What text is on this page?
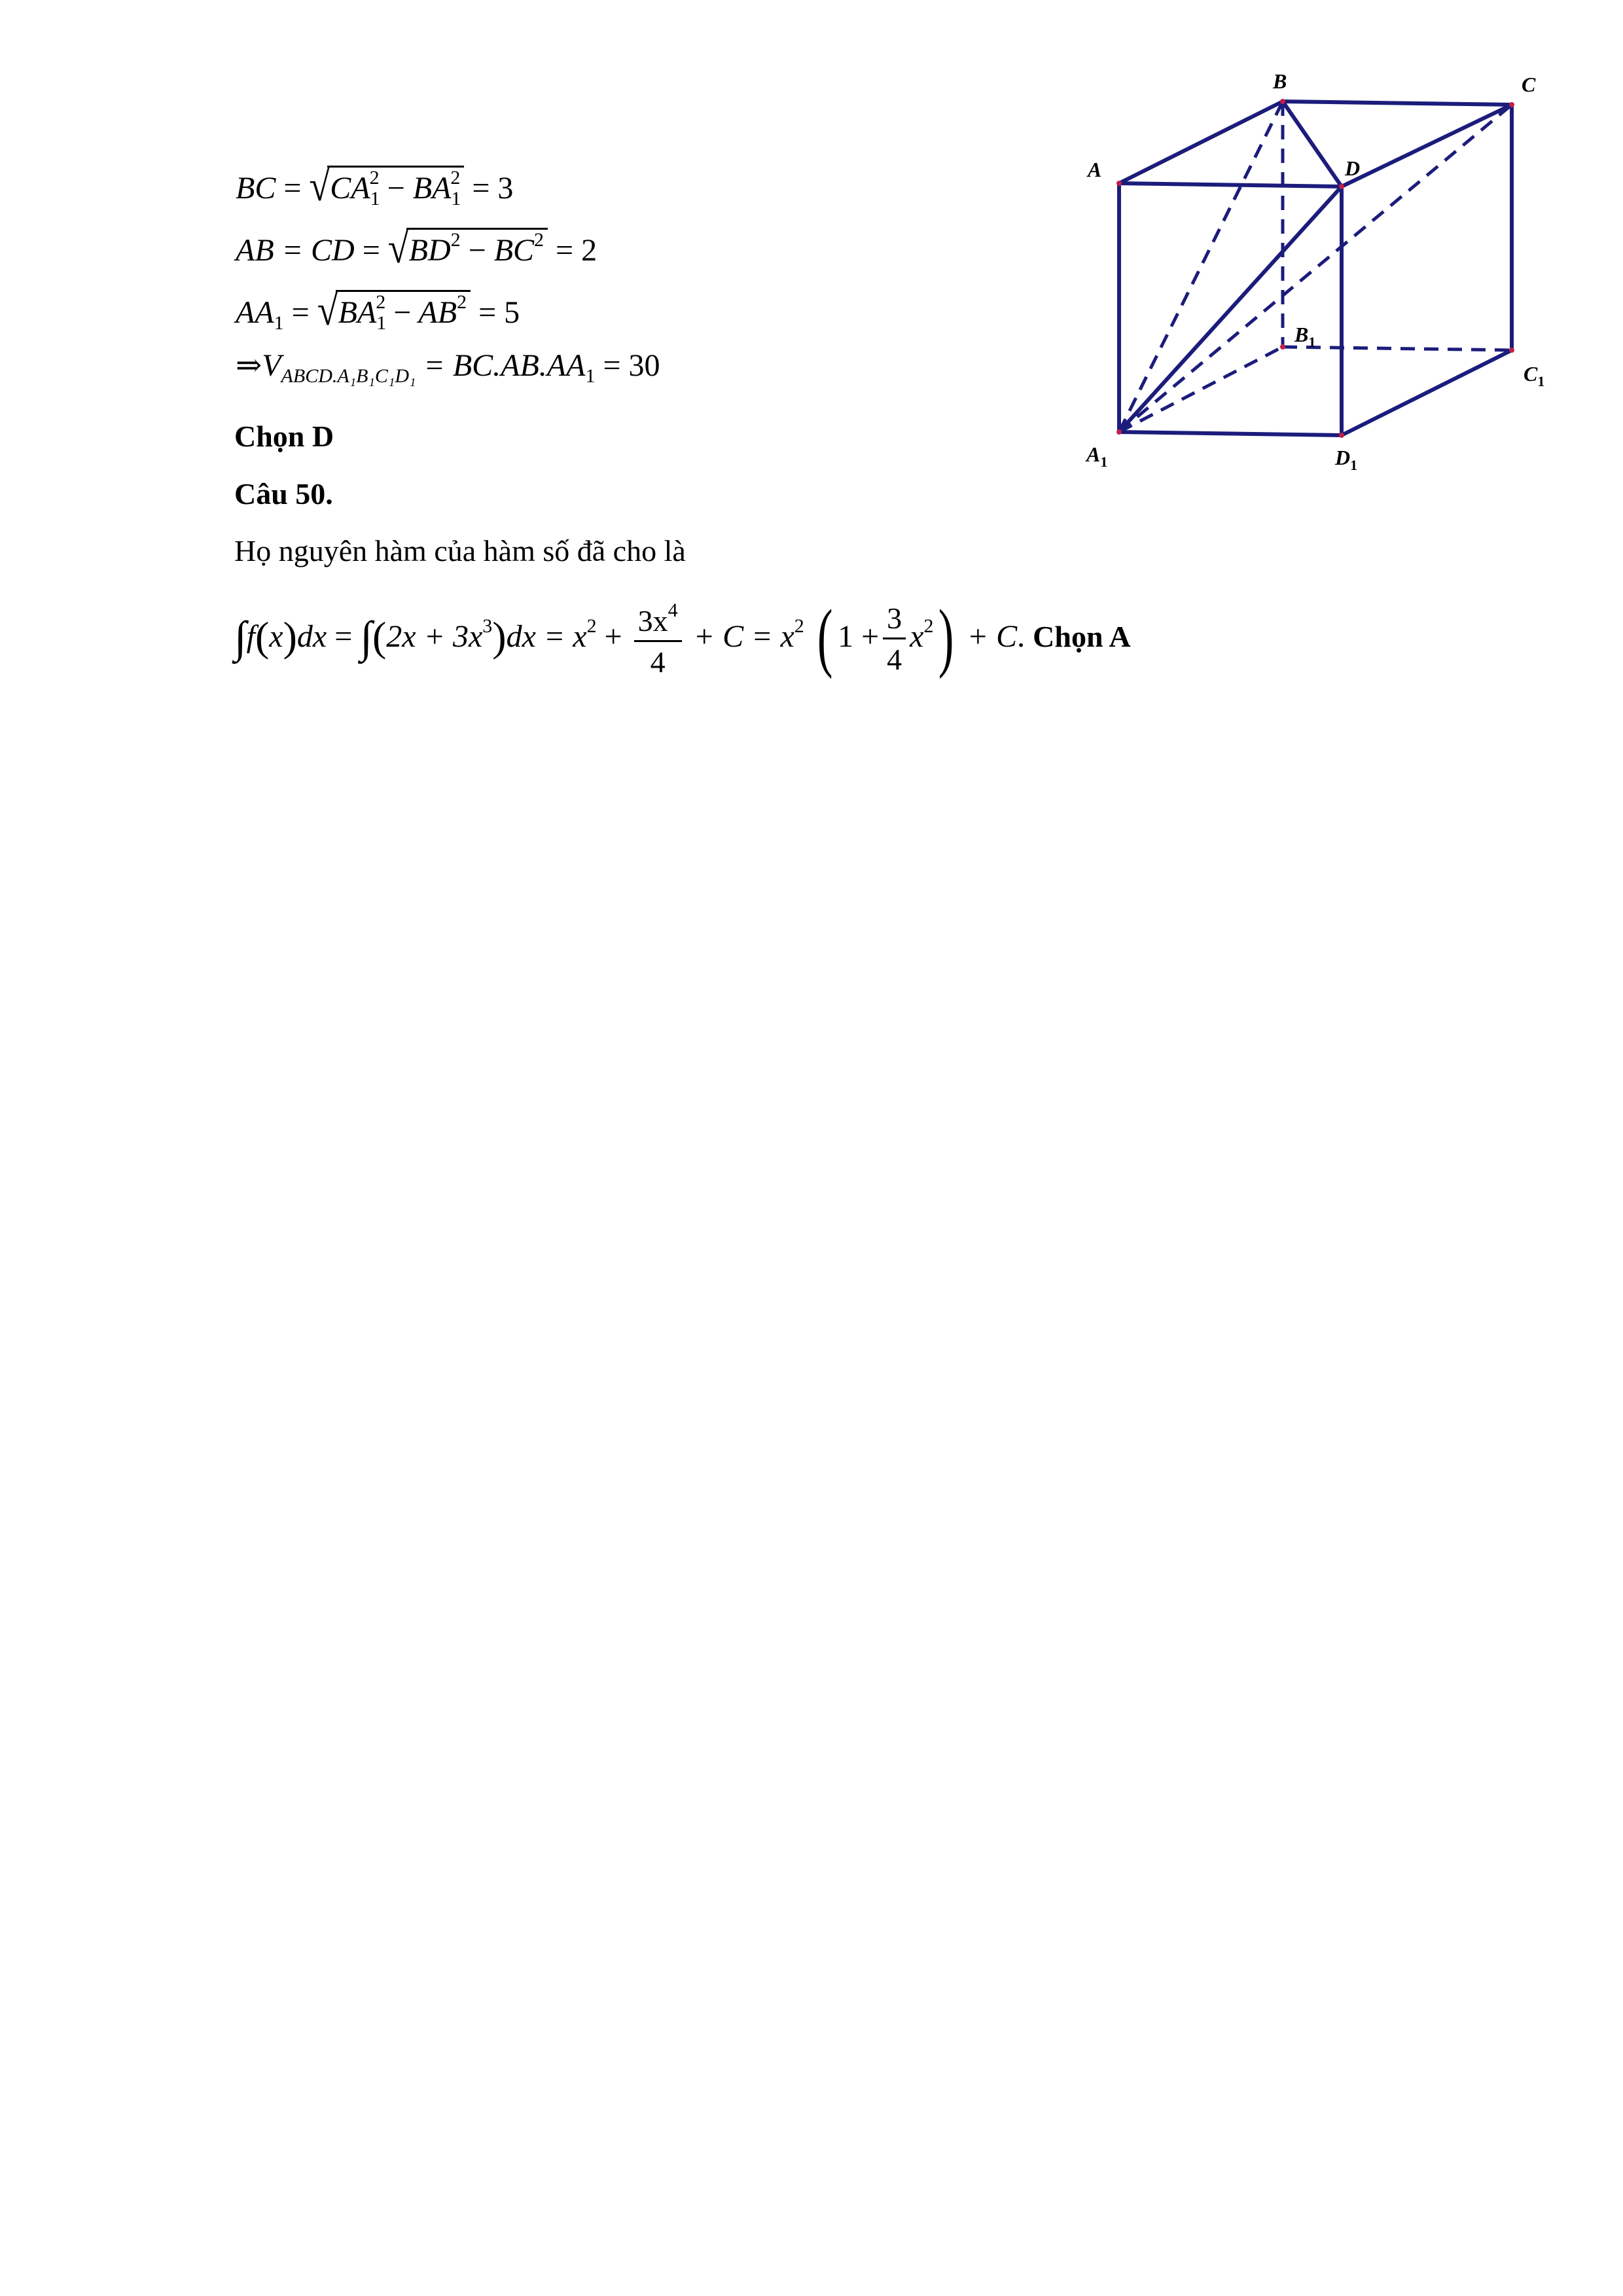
BC = $√CA_1^2 - BA_1^2 = 3$
AB = CD = $√BD^2 - BC^2 = 2$
$AA_1 = √BA_1^2 - AB^2 = 5$
$\Rightarrow V_{ABCD.A_1B_1C_1D_1} = BC.AB.AA_1 = 30$
Chọn D
Câu 50.
Họ nguyên hàm của hàm số đã cho là
$\int f(x)dx = \int(2x + 3x^3)dx = x^2 + \frac{3x^4}{4} + C = x^2$ ( $1 + \frac{3}{4} x^2) + C$. Chọn A
A
B	C
D
$A_1$
$B_1$
$C_1$
$D_1$
